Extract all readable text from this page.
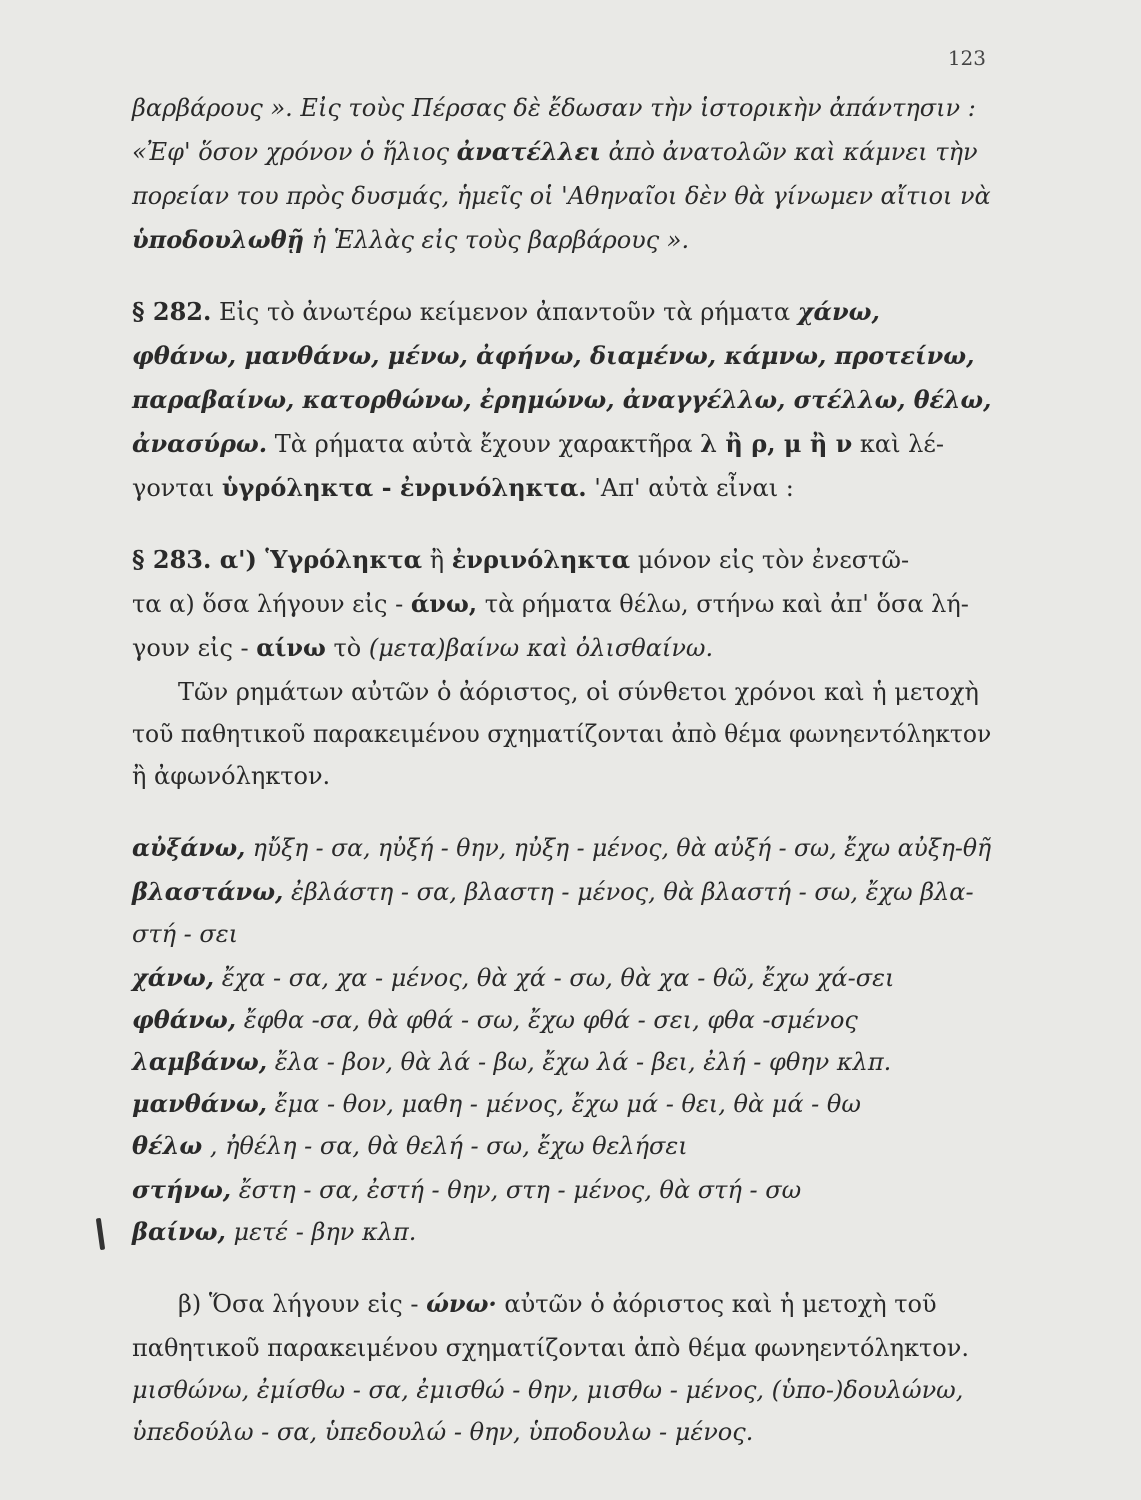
123
βαρβάρους ». Εἰς τοὺς Πέρσας δὲ ἔδωσαν τὴν ἱστορικὴν ἀπάντησιν :
«Ἐφ' ὅσον χρόνον ὁ ἥλιος ἀνατέλλει ἀπὸ ἀνατολῶν καὶ κάμνει τὴν
πορείαν του πρὸς δυσμάς, ἡμεῖς οἱ 'Αθηναῖοι δὲν θὰ γίνωμεν αἴτιοι νὰ
ὑποδουλωθῇ ἡ Ἑλλὰς εἰς τοὺς βαρβάρους ».
§ 282. Εἰς τὸ ἀνωτέρω κείμενον ἀπαντοῦν τὰ ρήματα χάνω,
φθάνω, μανθάνω, μένω, ἀφήνω, διαμένω, κάμνω, προτείνω,
παραβαίνω, κατορθώνω, ἐρημώνω, ἀναγγέλλω, στέλλω, θέλω,
ἀνασύρω. Τὰ ρήματα αὐτὰ ἔχουν χαρακτῆρα λ ἢ ρ, μ ἢ ν καὶ λέ-
γονται ὑγρόληκτα - ἐνρινόληκτα. 'Απ' αὐτὰ εἶναι :
§ 283. α') Ὑγρόληκτα ἢ ἐνρινόληκτα μόνον εἰς τὸν ἐνεστῶ-
τα α) ὅσα λήγουν εἰς - άνω, τὰ ρήματα θέλω, στήνω καὶ ἀπ' ὅσα λή-
γουν εἰς - αίνω τὸ (μετα)βαίνω καὶ ὀλισθαίνω.
Τῶν ρημάτων αὐτῶν ὁ ἀόριστος, οἱ σύνθετοι χρόνοι καὶ ἡ μετοχὴ
τοῦ παθητικοῦ παρακειμένου σχηματίζονται ἀπὸ θέμα φωνηεντόληκτον
ἢ ἀφωνόληκτον.
αὐξάνω, ηὔξη - σα, ηὐξή - θην, ηὐξη - μένος, θὰ αὐξή - σω, ἔχω αὐξη-θῆ
βλαστάνω, ἐβλάστη - σα, βλαστη - μένος, θὰ βλαστή - σω, ἔχω βλα-
στή - σει
χάνω, ἔχα - σα, χα - μένος, θὰ χά - σω, θὰ χα - θῶ, ἔχω χά-σει
φθάνω, ἔφθα -σα, θὰ φθά - σω, ἔχω φθά - σει, φθα -σμένος
λαμβάνω, ἔλα - βον, θὰ λά - βω, ἔχω λά - βει, ἐλή - φθην κλπ.
μανθάνω, ἔμα - θον, μαθη - μένος, ἔχω μά - θει, θὰ μά - θω
θέλω , ἠθέλη - σα, θὰ θελή - σω, ἔχω θελήσει
στήνω, ἔστη - σα, ἐστή - θην, στη - μένος, θὰ στή - σω
βαίνω, μετέ - βην κλπ.
β) Ὅσα λήγουν εἰς - ώνω· αὐτῶν ὁ ἀόριστος καὶ ἡ μετοχὴ τοῦ
παθητικοῦ παρακειμένου σχηματίζονται ἀπὸ θέμα φωνηεντόληκτον.
μισθώνω, ἐμίσθω - σα, ἐμισθώ - θην, μισθω - μένος, (ὑπο-)δουλώνω,
ὑπεδούλω - σα, ὑπεδουλώ - θην, ὑποδουλω - μένος.
